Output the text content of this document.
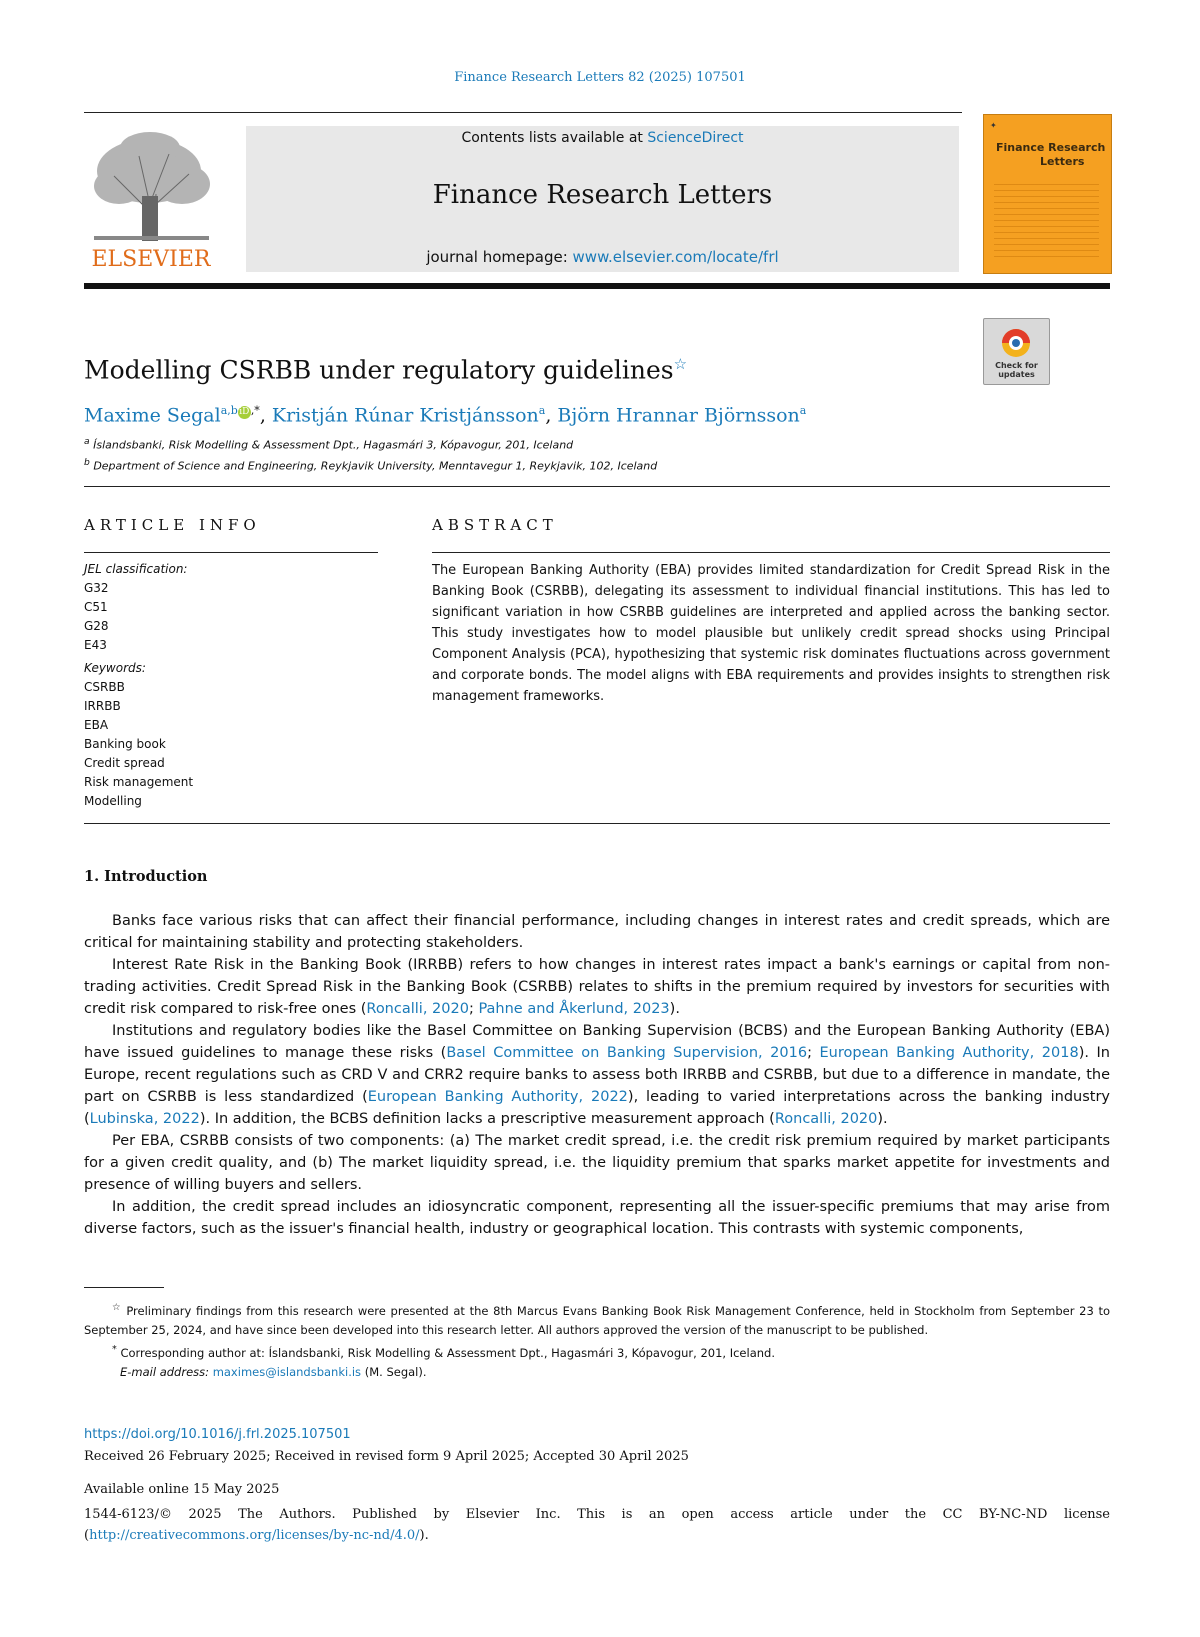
Finance Research Letters 82 (2025) 107501
ELSEVIER
Contents lists available at ScienceDirect
Finance Research Letters
journal homepage: www.elsevier.com/locate/frl
✦
Finance Research
Letters
Modelling CSRBB under regulatory guidelines☆	Check for updates
Maxime Segal$^{a,b}$iD,*, Kristján Rúnar Kristjánsson$^a$, Björn Hrannar Björnsson$^a$
$^a$ Íslandsbanki, Risk Modelling & Assessment Dpt., Hagasmári 3, Kópavogur, 201, Iceland
$^b$ Department of Science and Engineering, Reykjavik University, Menntavegur 1, Reykjavik, 102, Iceland
ARTICLE INFO
JEL classification:
G32
C51
G28
E43
Keywords:
CSRBB
IRRBB
EBA
Banking book
Credit spread
Risk management
Modelling
ABSTRACT
The European Banking Authority (EBA) provides limited standardization for Credit Spread Risk in the Banking Book (CSRBB), delegating its assessment to individual financial institutions. This has led to significant variation in how CSRBB guidelines are interpreted and applied across the banking sector. This study investigates how to model plausible but unlikely credit spread shocks using Principal Component Analysis (PCA), hypothesizing that systemic risk dominates fluctuations across government and corporate bonds. The model aligns with EBA requirements and provides insights to strengthen risk management frameworks.
1. Introduction

Banks face various risks that can affect their financial performance, including changes in interest rates and credit spreads, which are critical for maintaining stability and protecting stakeholders.

Interest Rate Risk in the Banking Book (IRRBB) refers to how changes in interest rates impact a bank's earnings or capital from non-trading activities. Credit Spread Risk in the Banking Book (CSRBB) relates to shifts in the premium required by investors for securities with credit risk compared to risk-free ones (Roncalli, 2020; Pahne and Åkerlund, 2023).

Institutions and regulatory bodies like the Basel Committee on Banking Supervision (BCBS) and the European Banking Authority (EBA) have issued guidelines to manage these risks (Basel Committee on Banking Supervision, 2016; European Banking Authority, 2018). In Europe, recent regulations such as CRD V and CRR2 require banks to assess both IRRBB and CSRBB, but due to a difference in mandate, the part on CSRBB is less standardized (European Banking Authority, 2022), leading to varied interpretations across the banking industry (Lubinska, 2022). In addition, the BCBS definition lacks a prescriptive measurement approach (Roncalli, 2020).

Per EBA, CSRBB consists of two components: (a) The market credit spread, i.e. the credit risk premium required by market participants for a given credit quality, and (b) The market liquidity spread, i.e. the liquidity premium that sparks market appetite for investments and presence of willing buyers and sellers.

In addition, the credit spread includes an idiosyncratic component, representing all the issuer-specific premiums that may arise from diverse factors, such as the issuer's financial health, industry or geographical location. This contrasts with systemic components,

☆ Preliminary findings from this research were presented at the 8th Marcus Evans Banking Book Risk Management Conference, held in Stockholm from September 23 to September 25, 2024, and have since been developed into this research letter. All authors approved the version of the manuscript to be published.
* Corresponding author at: Íslandsbanki, Risk Modelling & Assessment Dpt., Hagasmári 3, Kópavogur, 201, Iceland.
E-mail address: maximes@islandsbanki.is (M. Segal).
https://doi.org/10.1016/j.frl.2025.107501
Received 26 February 2025; Received in revised form 9 April 2025; Accepted 30 April 2025
Available online 15 May 2025
1544-6123/© 2025 The Authors. Published by Elsevier Inc. This is an open access article under the CC BY-NC-ND license (http://creativecommons.org/licenses/by-nc-nd/4.0/).
